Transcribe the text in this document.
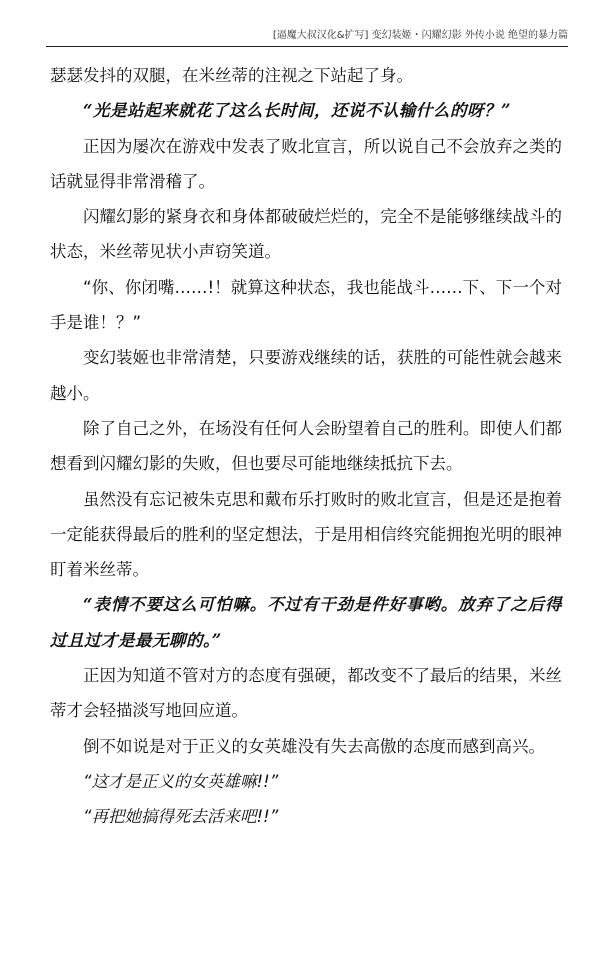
[逼魔大叔汉化&扩写] 变幻装姬・闪耀幻影 外传小说 绝望的暴力篇

瑟瑟发抖的双腿，在米丝蒂的注视之下站起了身。

“光是站起来就花了这么长时间，还说不认输什么的呀？”

正因为屡次在游戏中发表了败北宣言，所以说自己不会放弃之类的话就显得非常滑稽了。

闪耀幻影的紧身衣和身体都破破烂烂的，完全不是能够继续战斗的状态，米丝蒂见状小声窃笑道。

“你、你闭嘴……!！就算这种状态，我也能战斗……下、下一个对手是谁！？”

变幻装姬也非常清楚，只要游戏继续的话，获胜的可能性就会越来越小。

除了自己之外，在场没有任何人会盼望着自己的胜利。即使人们都想看到闪耀幻影的失败，但也要尽可能地继续抵抗下去。

虽然没有忘记被朱克思和戴布乐打败时的败北宣言，但是还是抱着一定能获得最后的胜利的坚定想法，于是用相信终究能拥抱光明的眼神盯着米丝蒂。

“表情不要这么可怕嘛。不过有干劲是件好事哟。放弃了之后得过且过才是最无聊的。”

正因为知道不管对方的态度有强硬，都改变不了最后的结果，米丝蒂才会轻描淡写地回应道。

倒不如说是对于正义的女英雄没有失去高傲的态度而感到高兴。

“这才是正义的女英雄嘛!!”

“再把她搞得死去活来吧!!”
